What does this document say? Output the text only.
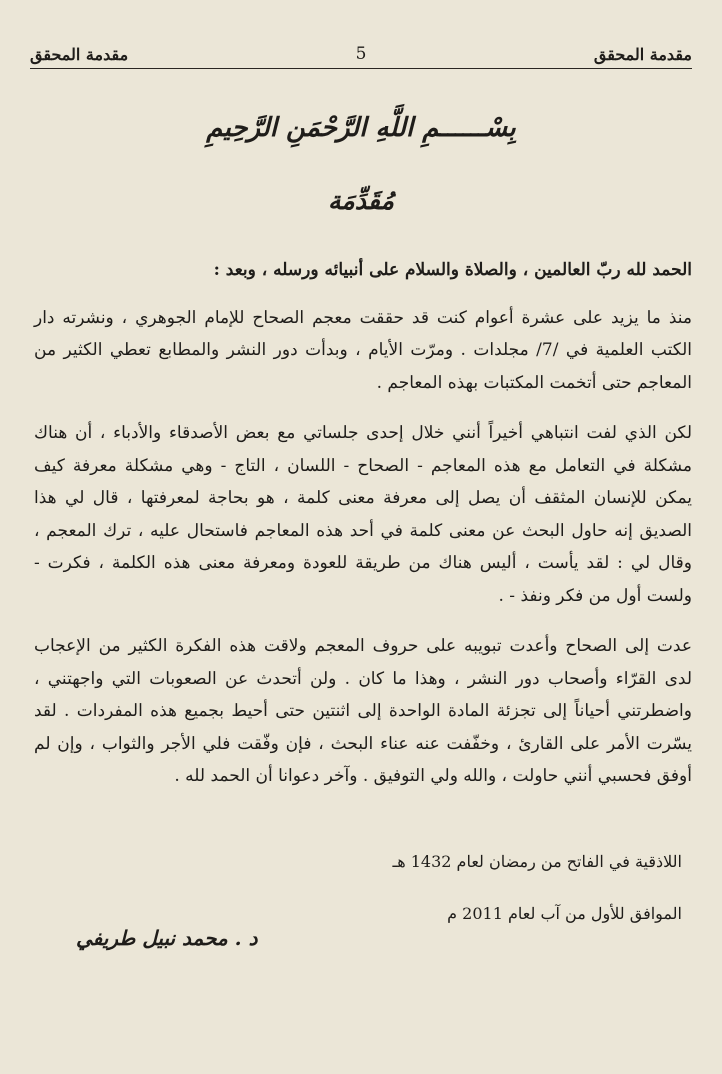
مقدمة المحقق
5
مقدمة المحقق
بِسْــــــمِ اللَّهِ الرَّحْمَنِ الرَّحِيمِ
مُقَدِّمَة

الحمد لله ربّ العالمين ، والصلاة والسلام على أنبيائه ورسله ، وبعد :

منذ ما يزيد على عشرة أعوام كنت قد حققت معجم الصحاح للإمام الجوهري ، ونشرته دار الكتب العلمية في /7/ مجلدات . ومرّت الأيام ، وبدأت دور النشر والمطابع تعطي الكثير من المعاجم حتى أتخمت المكتبات بهذه المعاجم .

لكن الذي لفت انتباهي أخيراً أنني خلال إحدى جلساتي مع بعض الأصدقاء والأدباء ، أن هناك مشكلة في التعامل مع هذه المعاجم - الصحاح - اللسان ، التاج - وهي مشكلة معرفة كيف يمكن للإنسان المثقف أن يصل إلى معرفة معنى كلمة ، هو بحاجة لمعرفتها ، قال لي هذا الصديق إنه حاول البحث عن معنى كلمة في أحد هذه المعاجم فاستحال عليه ، ترك المعجم ، وقال لي : لقد يأست ، أليس هناك من طريقة للعودة ومعرفة معنى هذه الكلمة ، فكرت - ولست أول من فكر ونفذ - .

عدت إلى الصحاح وأعدت تبويبه على حروف المعجم ولاقت هذه الفكرة الكثير من الإعجاب لدى القرّاء وأصحاب دور النشر ، وهذا ما كان . ولن أتحدث عن الصعوبات التي واجهتني ، واضطرتني أحياناً إلى تجزئة المادة الواحدة إلى اثنتين حتى أحيط بجميع هذه المفردات . لقد يسّرت الأمر على القارئ ، وخفّفت عنه عناء البحث ، فإن وفّقت فلي الأجر والثواب ، وإن لم أوفق فحسبي أنني حاولت ، والله ولي التوفيق . وآخر دعوانا أن الحمد لله .

اللاذقية في الفاتح من رمضان لعام 1432 هـ
الموافق للأول من آب لعام 2011 م
د . محمد نبيل طريفي
